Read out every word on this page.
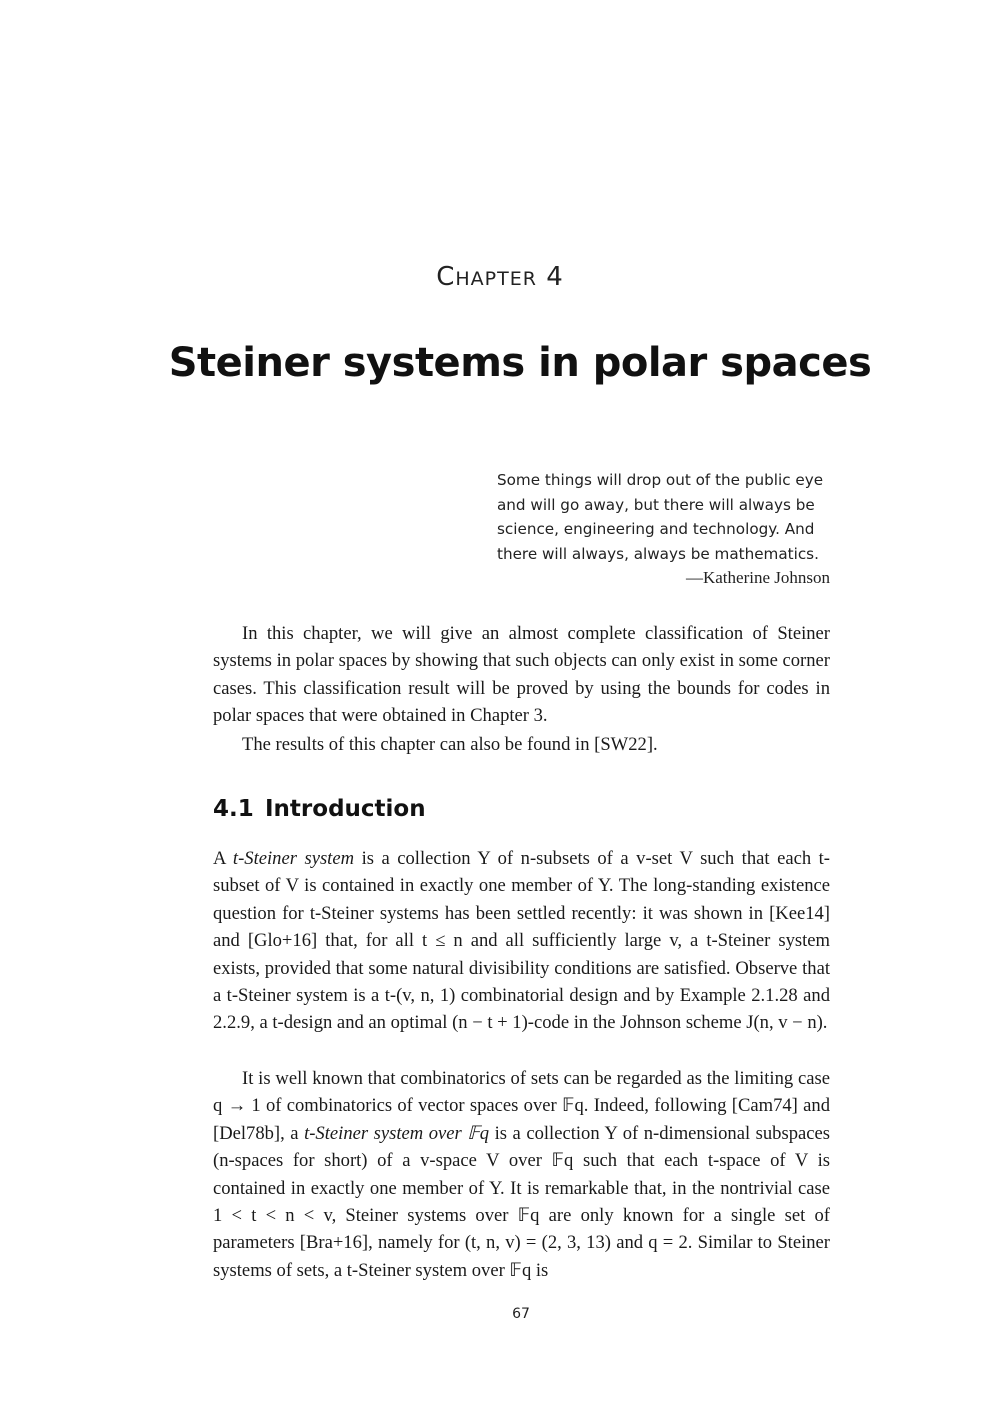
CHAPTER 4
Steiner systems in polar spaces
Some things will drop out of the public eye and will go away, but there will always be science, engineering and technology. And there will always, always be mathematics.
—Katherine Johnson

In this chapter, we will give an almost complete classification of Steiner systems in polar spaces by showing that such objects can only exist in some corner cases. This classification result will be proved by using the bounds for codes in polar spaces that were obtained in Chapter 3.

The results of this chapter can also be found in [SW22].

4.1 Introduction

A t-Steiner system is a collection Y of n-subsets of a v-set V such that each t-subset of V is contained in exactly one member of Y. The long-standing existence question for t-Steiner systems has been settled recently: it was shown in [Kee14] and [Glo+16] that, for all t ≤ n and all sufficiently large v, a t-Steiner system exists, provided that some natural divisibility conditions are satisfied. Observe that a t-Steiner system is a t-(v, n, 1) combinatorial design and by Example 2.1.28 and 2.2.9, a t-design and an optimal (n − t + 1)-code in the Johnson scheme J(n, v − n).

It is well known that combinatorics of sets can be regarded as the limiting case q → 1 of combinatorics of vector spaces over 𝔽q. Indeed, following [Cam74] and [Del78b], a t-Steiner system over 𝔽q is a collection Y of n-dimensional subspaces (n-spaces for short) of a v-space V over 𝔽q such that each t-space of V is contained in exactly one member of Y. It is remarkable that, in the nontrivial case 1 < t < n < v, Steiner systems over 𝔽q are only known for a single set of parameters [Bra+16], namely for (t, n, v) = (2, 3, 13) and q = 2. Similar to Steiner systems of sets, a t-Steiner system over 𝔽q is

67
